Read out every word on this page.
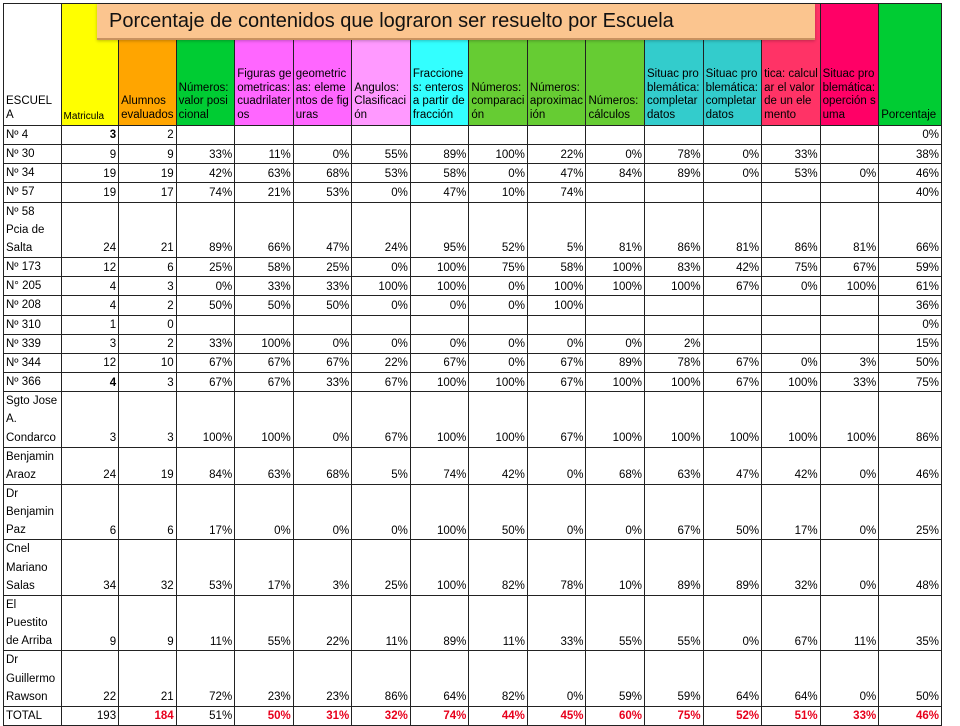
ESCUELA	Matricula	Alumnos evaluados	Números: valor posicional	Figuras geometricas: cuadrilateros	geometricas: elementos de figuras	Angulos: Clasificación	Fracciones: enteros a partir de fracción	Números: comparación	Números: aproximación	Números: cálculos	Situac problemática: completar datos	Situac problemática: completar datos	tica: calcular el valor de un elemento	Situac problemática: operción suma	Porcentaje
Nº 4	3	2													0%
Nº 30	9	9	33%	11%	0%	55%	89%	100%	22%	0%	78%	0%	33%		38%
Nº 34	19	19	42%	63%	68%	53%	58%	0%	47%	84%	89%	0%	53%	0%	46%
Nº 57	19	17	74%	21%	53%	0%	47%	10%	74%						40%
Nº 58 Pcia de Salta	24	21	89%	66%	47%	24%	95%	52%	5%	81%	86%	81%	86%	81%	66%
Nº 173	12	6	25%	58%	25%	0%	100%	75%	58%	100%	83%	42%	75%	67%	59%
N° 205	4	3	0%	33%	33%	100%	100%	0%	100%	100%	100%	67%	0%	100%	61%
Nº 208	4	2	50%	50%	50%	0%	0%	0%	100%						36%
Nº 310	1	0													0%
Nº 339	3	2	33%	100%	0%	0%	0%	0%	0%	0%	2%				15%
Nº 344	12	10	67%	67%	67%	22%	67%	0%	67%	89%	78%	67%	0%	3%	50%
Nº 366	4	3	67%	67%	33%	67%	100%	100%	67%	100%	100%	67%	100%	33%	75%
Sgto Jose A. Condarco	3	3	100%	100%	0%	67%	100%	100%	67%	100%	100%	100%	100%	100%	86%
Benjamin Araoz	24	19	84%	63%	68%	5%	74%	42%	0%	68%	63%	47%	42%	0%	46%
Dr Benjamin Paz	6	6	17%	0%	0%	0%	100%	50%	0%	0%	67%	50%	17%	0%	25%
Cnel Mariano Salas	34	32	53%	17%	3%	25%	100%	82%	78%	10%	89%	89%	32%	0%	48%
El Puestito de Arriba	9	9	11%	55%	22%	11%	89%	11%	33%	55%	55%	0%	67%	11%	35%
Dr Guillermo Rawson	22	21	72%	23%	23%	86%	64%	82%	0%	59%	59%	64%	64%	0%	50%
TOTAL	193	184	51%	50%	31%	32%	74%	44%	45%	60%	75%	52%	51%	33%	46%
Porcentaje de contenidos que lograron ser resuelto por Escuela
